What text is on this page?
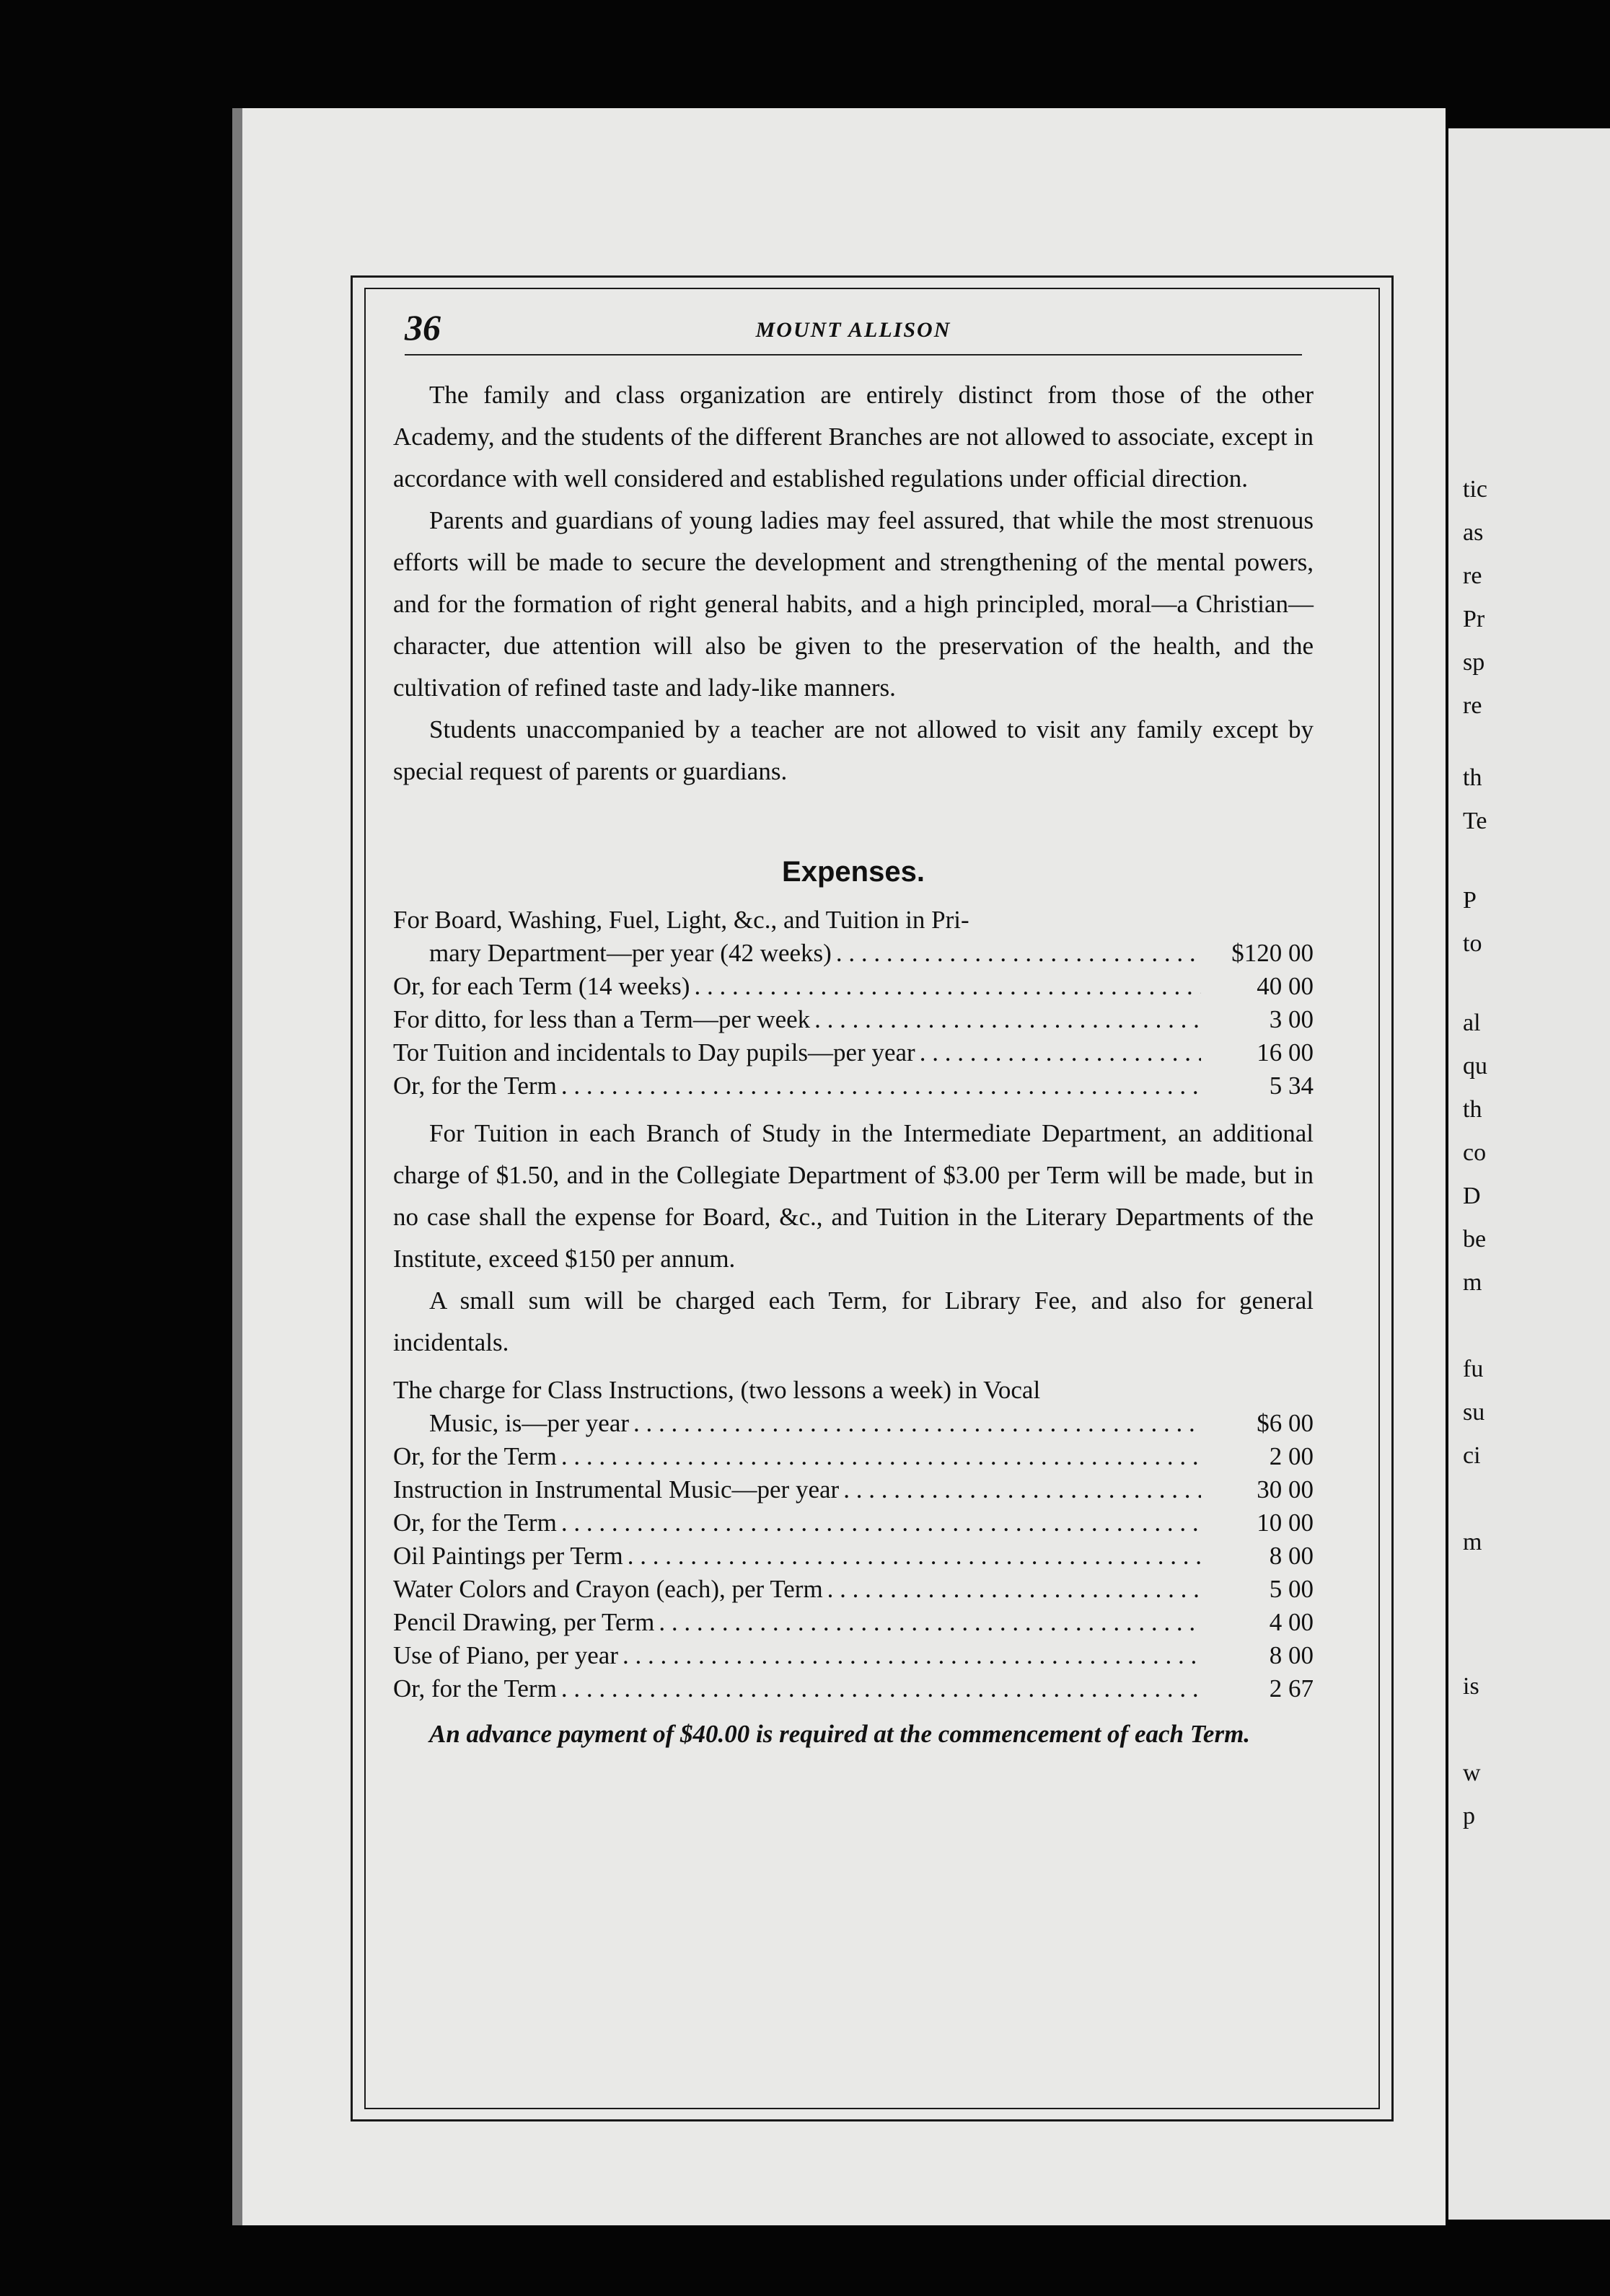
36	MOUNT ALLISON

The family and class organization are entirely distinct from those of the other Academy, and the students of the different Branches are not allowed to associate, except in accordance with well considered and established regulations under official direction.

Parents and guardians of young ladies may feel assured, that while the most strenuous efforts will be made to secure the development and strengthening of the mental powers, and for the formation of right general habits, and a high principled, moral—a Christian—character, due attention will also be given to the preservation of the health, and the cultivation of refined taste and lady-like manners.

Students unaccompanied by a teacher are not allowed to visit any family except by special request of parents or guardians.

Expenses.

For Board, Washing, Fuel, Light, &c., and Tuition in Pri-

mary Department—per year (42 weeks) . . .	$120 00
Or, for each Term (14 weeks) . . .	40 00
For ditto, for less than a Term—per week . . .	3 00
Tor Tuition and incidentals to Day pupils—per year . . .	16 00
Or, for the Term . . .	5 34

For Tuition in each Branch of Study in the Intermediate Department, an additional charge of $1.50, and in the Collegiate Department of $3.00 per Term will be made, but in no case shall the expense for Board, &c., and Tuition in the Literary Departments of the Institute, exceed $150 per annum.

A small sum will be charged each Term, for Library Fee, and also for general incidentals.

The charge for Class Instructions, (two lessons a week) in Vocal

Music, is—per year . . .	$6 00
Or, for the Term . . .	2 00
Instruction in Instrumental Music—per year . . .	30 00
Or, for the Term . . .	10 00
Oil Paintings per Term . . .	8 00
Water Colors and Crayon (each), per Term . . .	5 00
Pencil Drawing, per Term . . .	4 00
Use of Piano, per year . . .	8 00
Or, for the Term . . .	2 67

An advance payment of $40.00 is required at the commencement of each Term.

tic
as
re
Pr
sp
re
th
Te
P
to
al
qu
th
co
D
be
m
fu
su
ci
m
is
w
p
